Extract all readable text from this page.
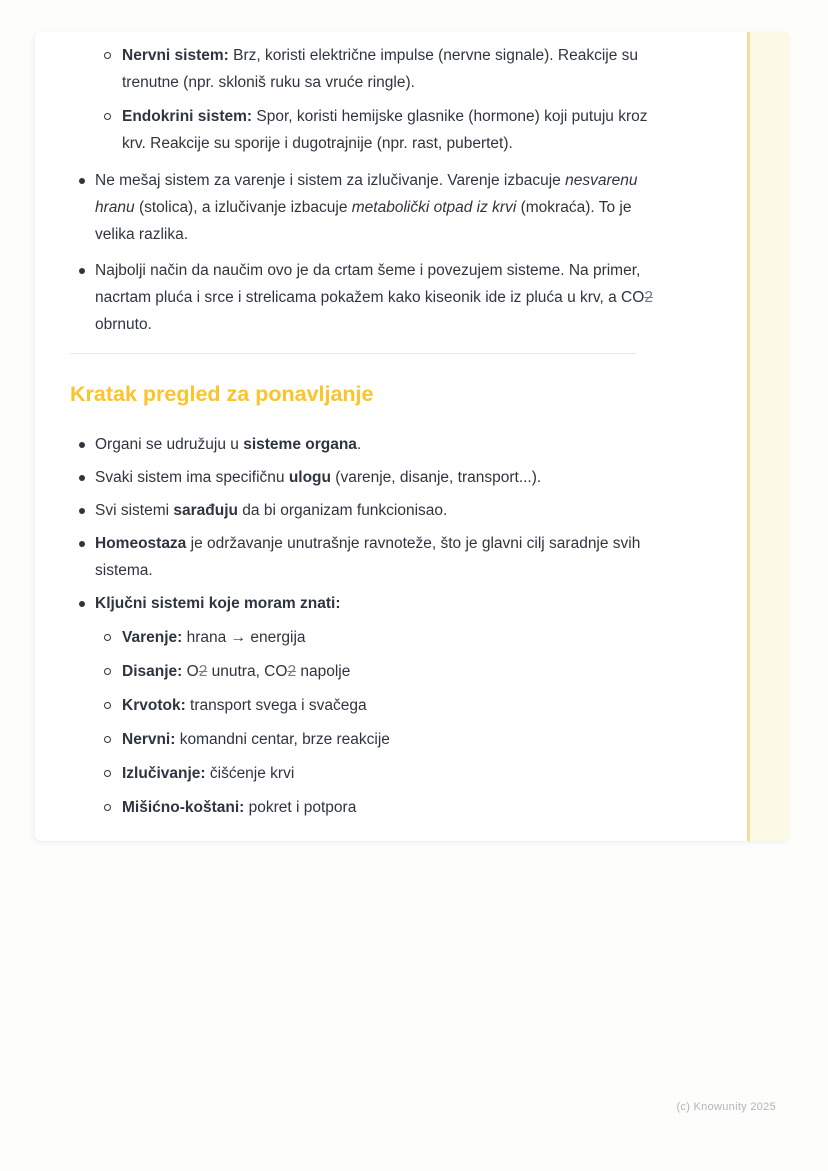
Nervni sistem: Brz, koristi električne impulse (nervne signale). Reakcije su trenutne (npr. skloniš ruku sa vruće ringle).
Endokrini sistem: Spor, koristi hemijske glasnike (hormone) koji putuju kroz krv. Reakcije su sporije i dugotrajnije (npr. rast, pubertet).
Ne mešaj sistem za varenje i sistem za izlučivanje. Varenje izbacuje nesvarenu hranu (stolica), a izlučivanje izbacuje metabolički otpad iz krvi (mokraća). To je velika razlika.
Najbolji način da naučim ovo je da crtam šeme i povezujem sisteme. Na primer, nacrtam pluća i srce i strelicama pokažem kako kiseonik ide iz pluća u krv, a CO2 obrnuto.
Kratak pregled za ponavljanje
Organi se udružuju u sisteme organa.
Svaki sistem ima specifičnu ulogu (varenje, disanje, transport...).
Svi sistemi sarađuju da bi organizam funkcionisao.
Homeostaza je održavanje unutrašnje ravnoteže, što je glavni cilj saradnje svih sistema.
Ključni sistemi koje moram znati:
Varenje: hrana → energija
Disanje: O2 unutra, CO2 napolje
Krvotok: transport svega i svačega
Nervni: komandni centar, brze reakcije
Izlučivanje: čišćenje krvi
Mišićno-koštani: pokret i potpora
(c) Knowunity 2025
